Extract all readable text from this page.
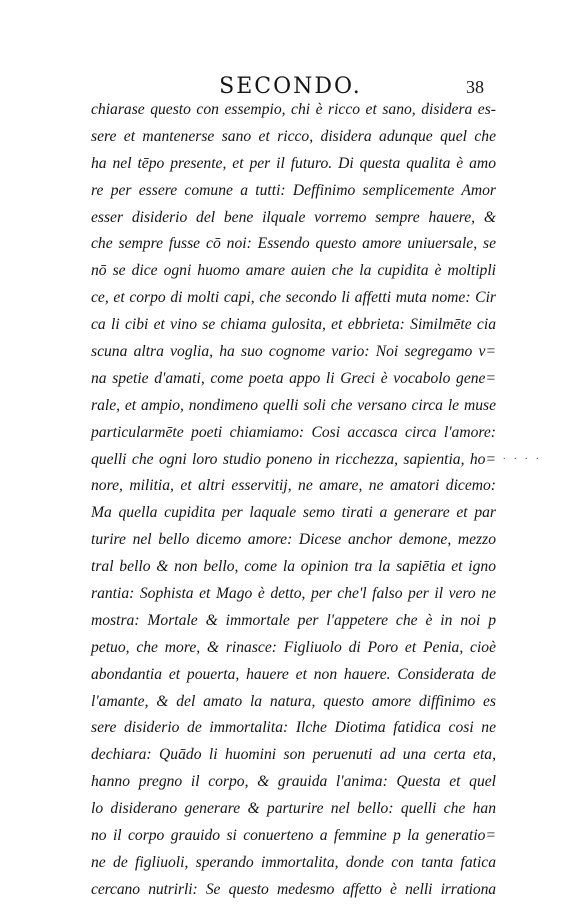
SECONDO.	38
chiarase questo con essempio, chi è ricco et sano, disidera es-
sere et mantenerse sano et ricco, disidera adunque quel che
ha nel tēpo presente, et per il futuro. Di questa qualita è amo
re per essere comune a tutti: Deffinimo semplicemente Amor
esser disiderio del bene ilquale vorremo sempre hauere, &
che sempre fusse cō noi: Essendo questo amore uniuersale, se
nō se dice ogni huomo amare auien che la cupidita è moltipli
ce, et corpo di molti capi, che secondo li affetti muta nome: Cir
ca li cibi et vino se chiama gulosita, et ebbrieta: Similmēte cia
scuna altra voglia, ha suo cognome vario: Noi segregamo v=
na spetie d'amati, come poeta appo li Greci è vocabolo gene=
rale, et ampio, nondimeno quelli soli che versano circa le muse
particularmēte poeti chiamiamo: Cosi accasca circa l'amore:
quelli che ogni loro studio poneno in ricchezza, sapientia, ho=
nore, militia, et altri esservitij, ne amare, ne amatori dicemo:
Ma quella cupidita per laquale semo tirati a generare et par
turire nel bello dicemo amore: Dicese anchor demone, mezzo
tral bello & non bello, come la opinion tra la sapiētia et igno
rantia: Sophista et Mago è detto, per che'l falso per il vero ne
mostra: Mortale & immortale per l'appetere che è in noi p
petuo, che more, & rinasce: Figliuolo di Poro et Penia, cioè
abondantia et pouerta, hauere et non hauere. Considerata de
l'amante, & del amato la natura, questo amore diffinimo es
sere disiderio de immortalita: Ilche Diotima fatidica cosi ne
dechiara: Quādo li huomini son peruenuti ad una certa eta,
hanno pregno il corpo, & grauida l'anima: Questa et quel
lo disiderano generare & parturire nel bello: quelli che han
no il corpo grauido si conuerteno a femmine p la generatio=
ne de figliuoli, sperando immortalita, donde con tanta fatica
cercano nutrirli: Se questo medesmo affetto è nelli irrationa
. . . .
